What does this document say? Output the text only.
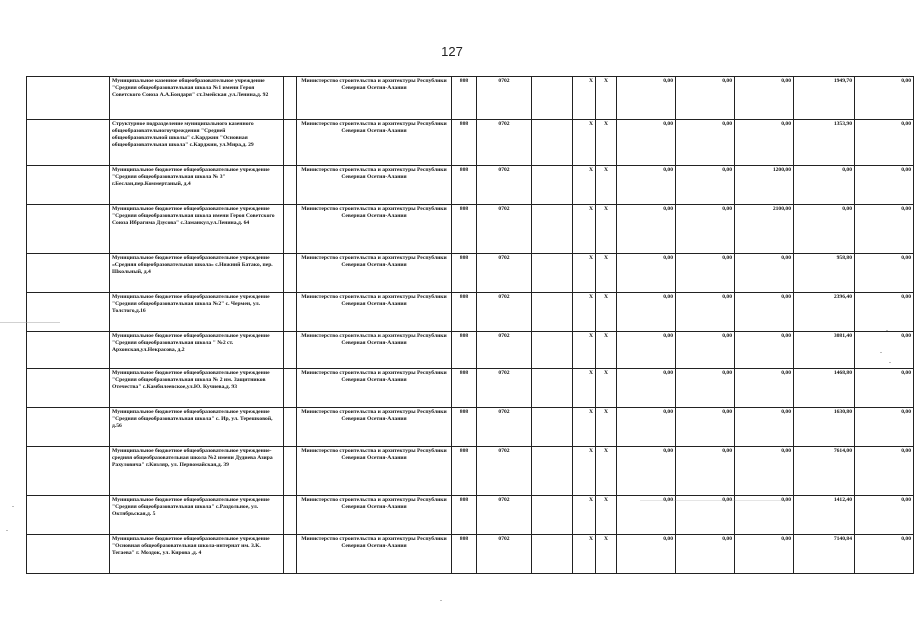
127
	Муниципальное казенное общеобразовательное учреждение "Средняя общеобразовательная школа №1 имени Героя Советского Союза А.А.Бондаря" ст.Змейская ,ул.Ленина,д. 92		Министерство строительства и архитектуры Республики Северная Осетия-Алания	808	0702		X	X	0,00	0,00	0,00	1949,70	0,00
	Структурное подразделение муниципального казенного общеобразовательногоучреждения "Средней общеобразовательной школы" с.Карджин "Основная общеобразовательная школа" с.Карджин, ул.Мира,д. 29		Министерство строительства и архитектуры Республики Северная Осетия-Алания	808	0702		X	X	0,00	0,00	0,00	1353,90	0,00
	Муниципальное бюджетное общеобразовательное учреждение "Средняя общеобразовательная школа № 3" г.Беслан,пер.Коммертаный, д.4		Министерство строительства и архитектуры Республики Северная Осетия-Алания	808	0702		X	X	0,00	0,00	1200,00	0,00	0,00
	Муниципальное бюджетное общеобразовательное учреждение "Средняя общеобразовательная школа имени Героя Советского Союза Ибрагима Дзусова" с.Заманкул,ул.Ленина,д. 64		Министерство строительства и архитектуры Республики Северная Осетия-Алания	808	0702		X	X	0,00	0,00	2100,00	0,00	0,00
	Муниципальное бюджетное общеобразовательное учреждение «Средняя общеобразовательная школа» с.Нижний Батако, пер. Школьный, д.4		Министерство строительства и архитектуры Республики Северная Осетия-Алания	808	0702		X	X	0,00	0,00	0,00	958,80	0,00
	Муниципальное бюджетное общеобразовательное учреждение "Средняя общеобразовательная школа №2" с. Чермен, ул. Толстого,д.16		Министерство строительства и архитектуры Республики Северная Осетия-Алания	808	0702		X	X	0,00	0,00	0,00	2396,40	0,00
	Муниципальное бюджетное общеобразовательное учреждение "Средняя общеобразовательная школа " №2 ст. Архонская,ул.Некрасова, д.2		Министерство строительства и архитектуры Республики Северная Осетия-Алания	808	0702		X	X	0,00	0,00	0,00	3081,40	0,00
	Муниципальное бюджетное общеобразовательное учреждение "Средняя общеобразовательная школа № 2 им. Защитников Отечества" с.Камбилеевское,ул.Ю. Кучиева,д. 93		Министерство строительства и архитектуры Республики Северная Осетия-Алания	808	0702		X	X	0,00	0,00	0,00	1468,80	0,00
	Муниципальное бюджетное общеобразовательное учреждение "Средняя общеобразовательная школа" с. Ир, ул. Терешковой, д.56		Министерство строительства и архитектуры Республики Северная Осетия-Алания	808	0702		X	X	0,00	0,00	0,00	1630,80	0,00
	Муниципальное бюджетное общеобразовательное учреждение-средняя общеобразовательная школа №2 имени Дудиева Азира Рахуловича" г.Кизляр, ул. Первомайская,д. 39		Министерство строительства и архитектуры Республики Северная Осетия-Алания	808	0702		X	X	0,00	0,00	0,00	7614,00	0,00
	Муниципальное бюджетное общеобразовательное учреждение "Средняя общеобразовательная школа" с.Раздольное, ул. Октябрьская,д. 5		Министерство строительства и архитектуры Республики Северная Осетия-Алания	808	0702		X	X	0,00	0,00	0,00	1412,40	0,00
	Муниципальное бюджетное общеобразовательное учреждение "Основная общеобразовательная школа-интернат им. З.К. Тегаева" г. Моздок, ул. Кирова ,д. 4		Министерство строительства и архитектуры Республики Северная Осетия-Алания	808	0702		X	X	0,00	0,00	0,00	7140,84	0,00
